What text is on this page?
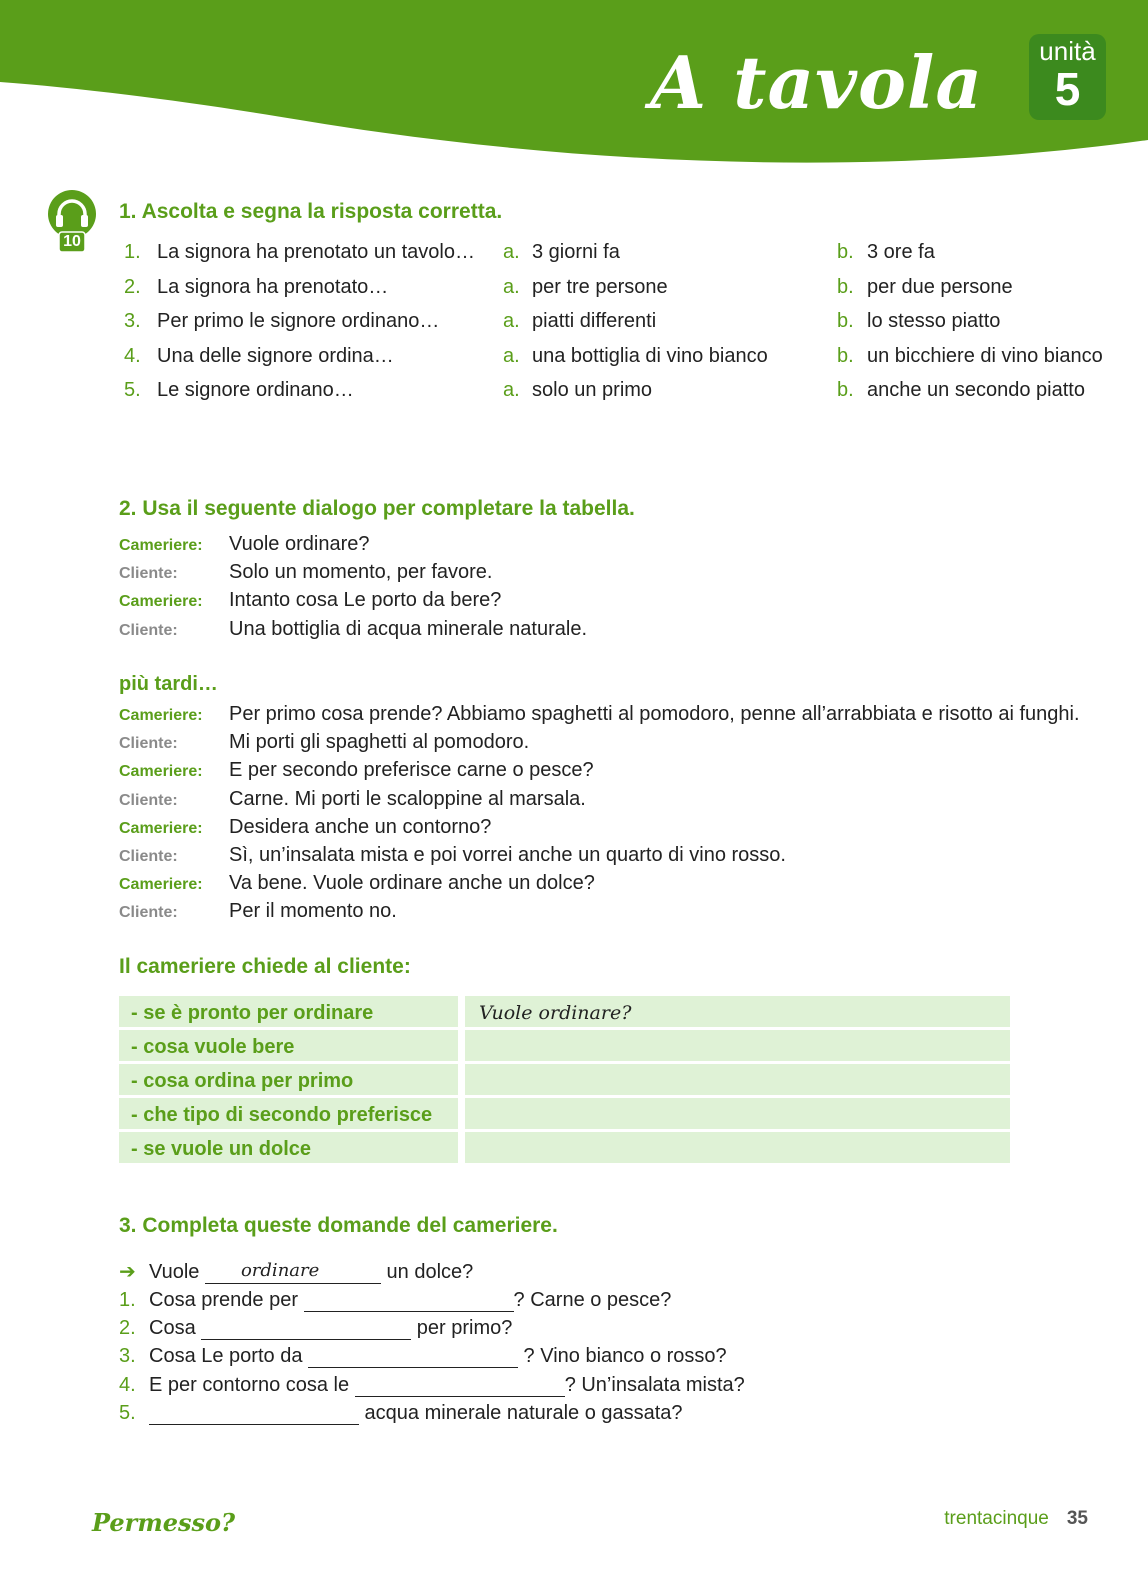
A tavola	unità
5
10
1. Ascolta e segna la risposta corretta.
1. La signora ha prenotato un tavolo… a. 3 giorni fa	b. 3 ore fa
2. La signora ha prenotato…	a. per tre persone	b. per due persone
3. Per primo le signore ordinano…	a. piatti differenti	b. lo stesso piatto
4. Una delle signore ordina…	a. una bottiglia di vino bianco	b. un bicchiere di vino bianco
5. Le signore ordinano…	a. solo un primo	b. anche un secondo piatto
2. Usa il seguente dialogo per completare la tabella.
Cameriere: Vuole ordinare?
Cliente:	Solo un momento, per favore.
Cameriere: Intanto cosa Le porto da bere?
Cliente:	Una bottiglia di acqua minerale naturale.
più tardi…
Cameriere: Per primo cosa prende? Abbiamo spaghetti al pomodoro, penne all’arrabbiata e risotto ai funghi.
Cliente:	Mi porti gli spaghetti al pomodoro.
Cameriere: E per secondo preferisce carne o pesce?
Cliente:	Carne. Mi porti le scaloppine al marsala.
Cameriere: Desidera anche un contorno?
Cliente:	Sì, un’insalata mista e poi vorrei anche un quarto di vino rosso.
Cameriere: Va bene. Vuole ordinare anche un dolce?
Cliente:	Per il momento no.
Il cameriere chiede al cliente:
- se è pronto per ordinare	Vuole ordinare?
- cosa vuole bere
- cosa ordina per primo
- che tipo di secondo preferisce
- se vuole un dolce
3. Completa queste domande del cameriere.
➔ Vuole ordinare	un dolce?
1. Cosa prende per	? Carne o pesce?
2. Cosa	per primo?
3. Cosa Le porto da	? Vino bianco o rosso?
4. E per contorno cosa le	? Un’insalata mista?
5.	acqua minerale naturale o gassata?
Permesso?	trentacinque 35
